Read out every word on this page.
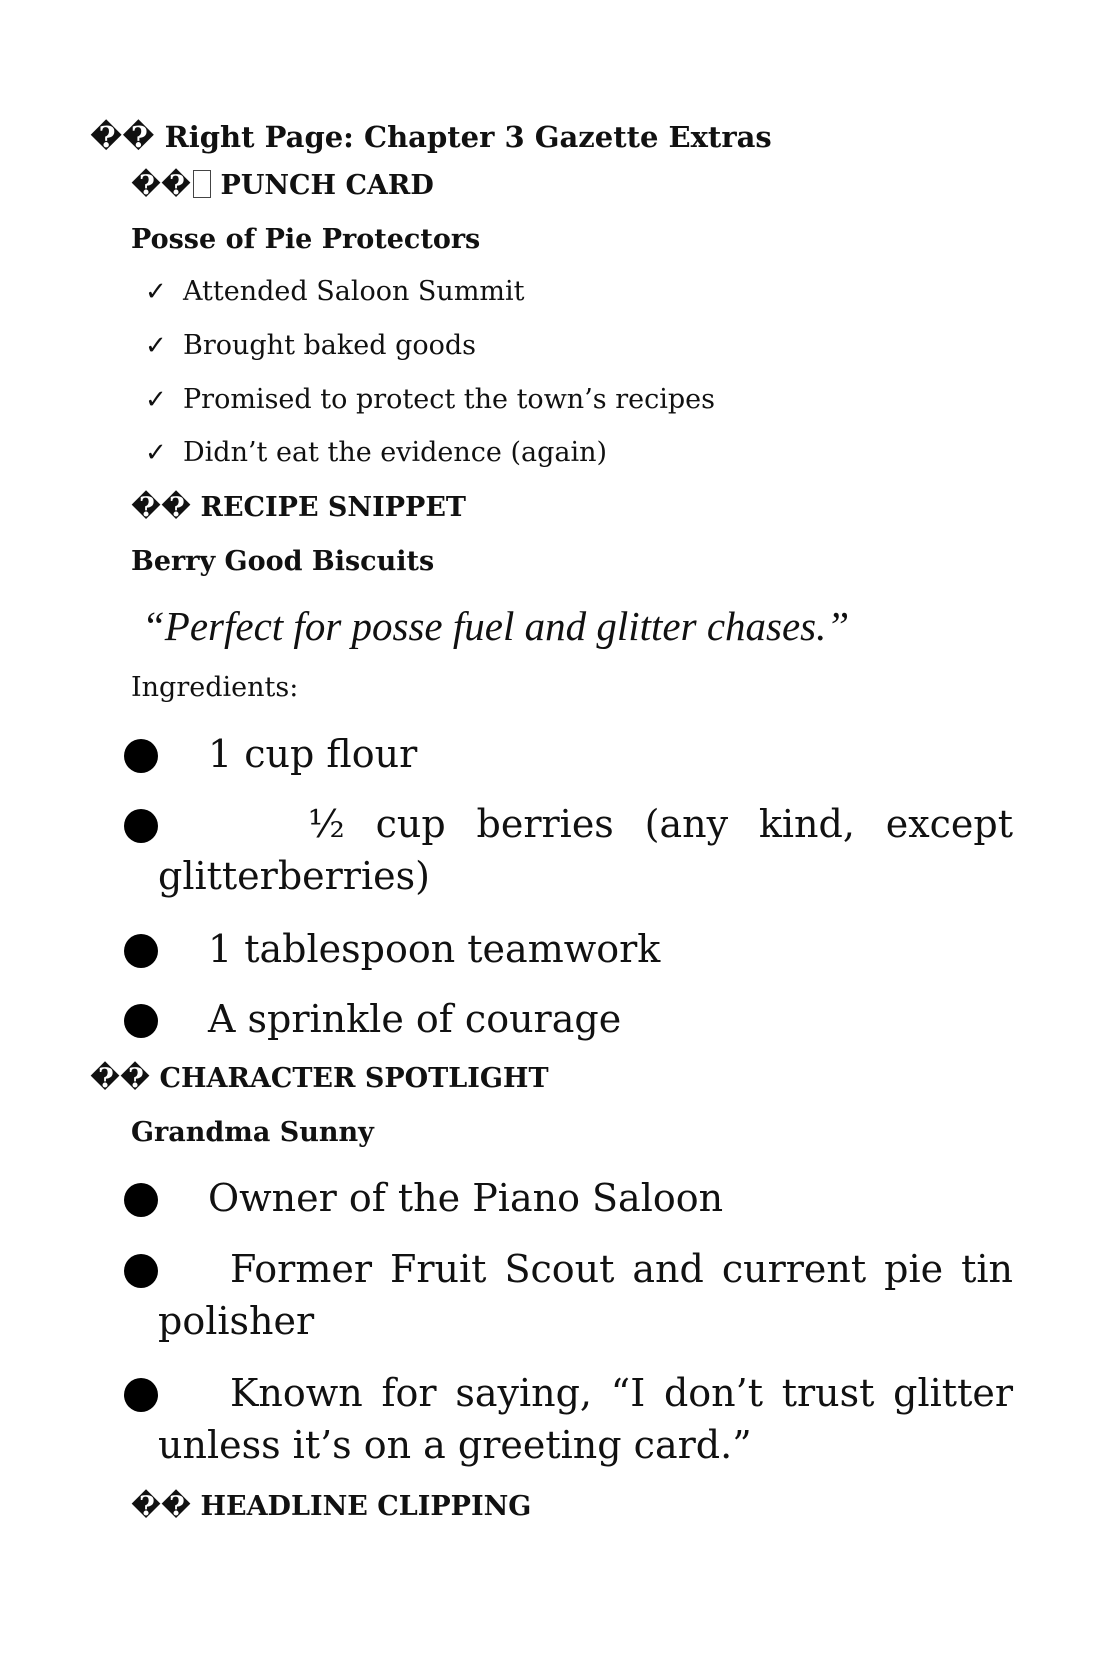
�� Right Page: Chapter 3 Gazette Extras
�� PUNCH CARD
Posse of Pie Protectors
✓ Attended Saloon Summit
✓ Brought baked goods
✓ Promised to protect the town’s recipes
✓ Didn’t eat the evidence (again)
�� RECIPE SNIPPET
Berry Good Biscuits
“Perfect for posse fuel and glitter chases.”
Ingredients:
1 cup flour
½ cup berries (any kind, except glitterberries)
1 tablespoon teamwork
A sprinkle of courage
�� CHARACTER SPOTLIGHT
Grandma Sunny
Owner of the Piano Saloon
Former Fruit Scout and current pie tin polisher
Known for saying, “I don’t trust glitter unless it’s on a greeting card.”
�� HEADLINE CLIPPING
